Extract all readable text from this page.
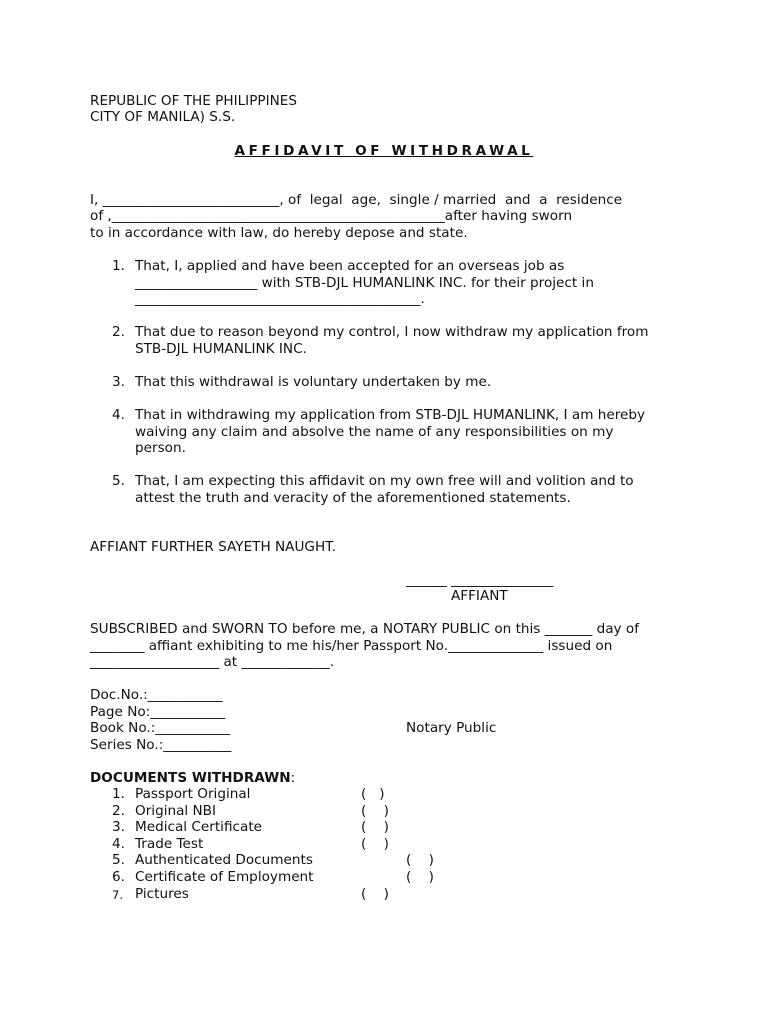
REPUBLIC OF THE PHILIPPINES
CITY OF MANILA) S.S.
AFFIDAVIT OF WITHDRAWAL
I, __________________________, of  legal  age,  single / married  and  a  residence
of ,_________________________________________________after having sworn
to in accordance with law, do hereby depose and state.
1. That, I, applied and have been accepted for an overseas job as
__________________ with STB-DJL HUMANLINK INC. for their project in
__________________________________________.
2. That due to reason beyond my control, I now withdraw my application from
STB-DJL HUMANLINK INC.
3. That this withdrawal is voluntary undertaken by me.
4. That in withdrawing my application from STB-DJL HUMANLINK, I am hereby
waiving any claim and absolve the name of any responsibilities on my
person.
5. That, I am expecting this affidavit on my own free will and volition and to
attest the truth and veracity of the aforementioned statements.
AFFIANT FURTHER SAYETH NAUGHT.
______ _______________
AFFIANT
SUBSCRIBED and SWORN TO before me, a NOTARY PUBLIC on this _______ day of
________ affiant exhibiting to me his/her Passport No.______________ issued on
___________________ at _____________.
Doc.No.:___________
Page No:___________
Book No.:___________	Notary Public
Series No.:__________
DOCUMENTS WITHDRAWN:
1. Passport Original	(   )
2. Original NBI	(    )
3. Medical Certificate	(    )
4. Trade Test	(    )
5. Authenticated Documents	(    )
6. Certificate of Employment	(    )
7. Pictures	(    )
